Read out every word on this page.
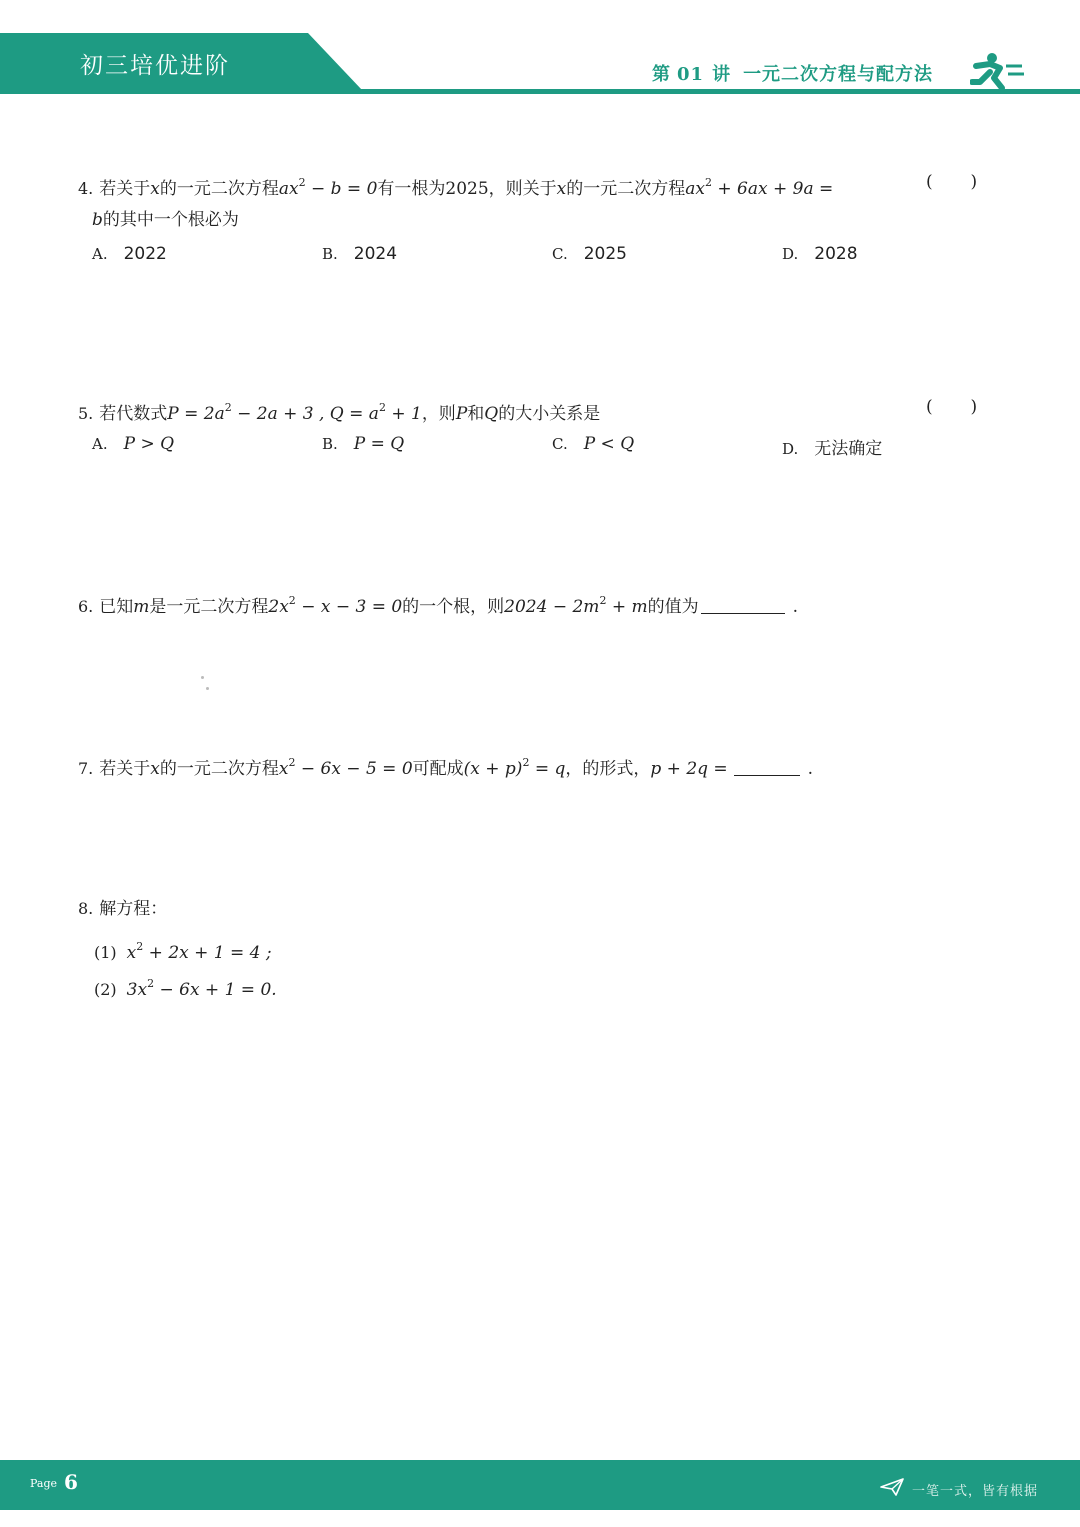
初三培优进阶	第 01 讲 一元二次方程与配方法
4. 若关于x的一元二次方程$ax^2 - b = 0$有一根为2025，则关于x的一元二次方程$ax^2 + 6ax + 9a$ =	(       )
b的其中一个根必为
A. 2022	B. 2024	C. 2025	D. 2028
5. 若代数式$P = 2a^2 - 2a + 3$ , $Q = a^2 + 1$，则P和Q的大小关系是	(       )
A. P > Q	B. P = Q	C. P < Q	D. 无法确定
6. 已知m是一元二次方程$2x^2 - x - 3 = 0$的一个根，则$2024 - 2m^2 + m$的值为	.
7. 若关于x的一元二次方程$x^2 - 6x - 5 = 0$可配成$(x + p)^2 = q$，的形式，p + 2q =	.
8. 解方程：
(1) $x^2 + 2x + 1 = 4$ ;
(2) $3x^2 - 6x + 1 = 0$.
Page 6	一笔一式，皆有根据
